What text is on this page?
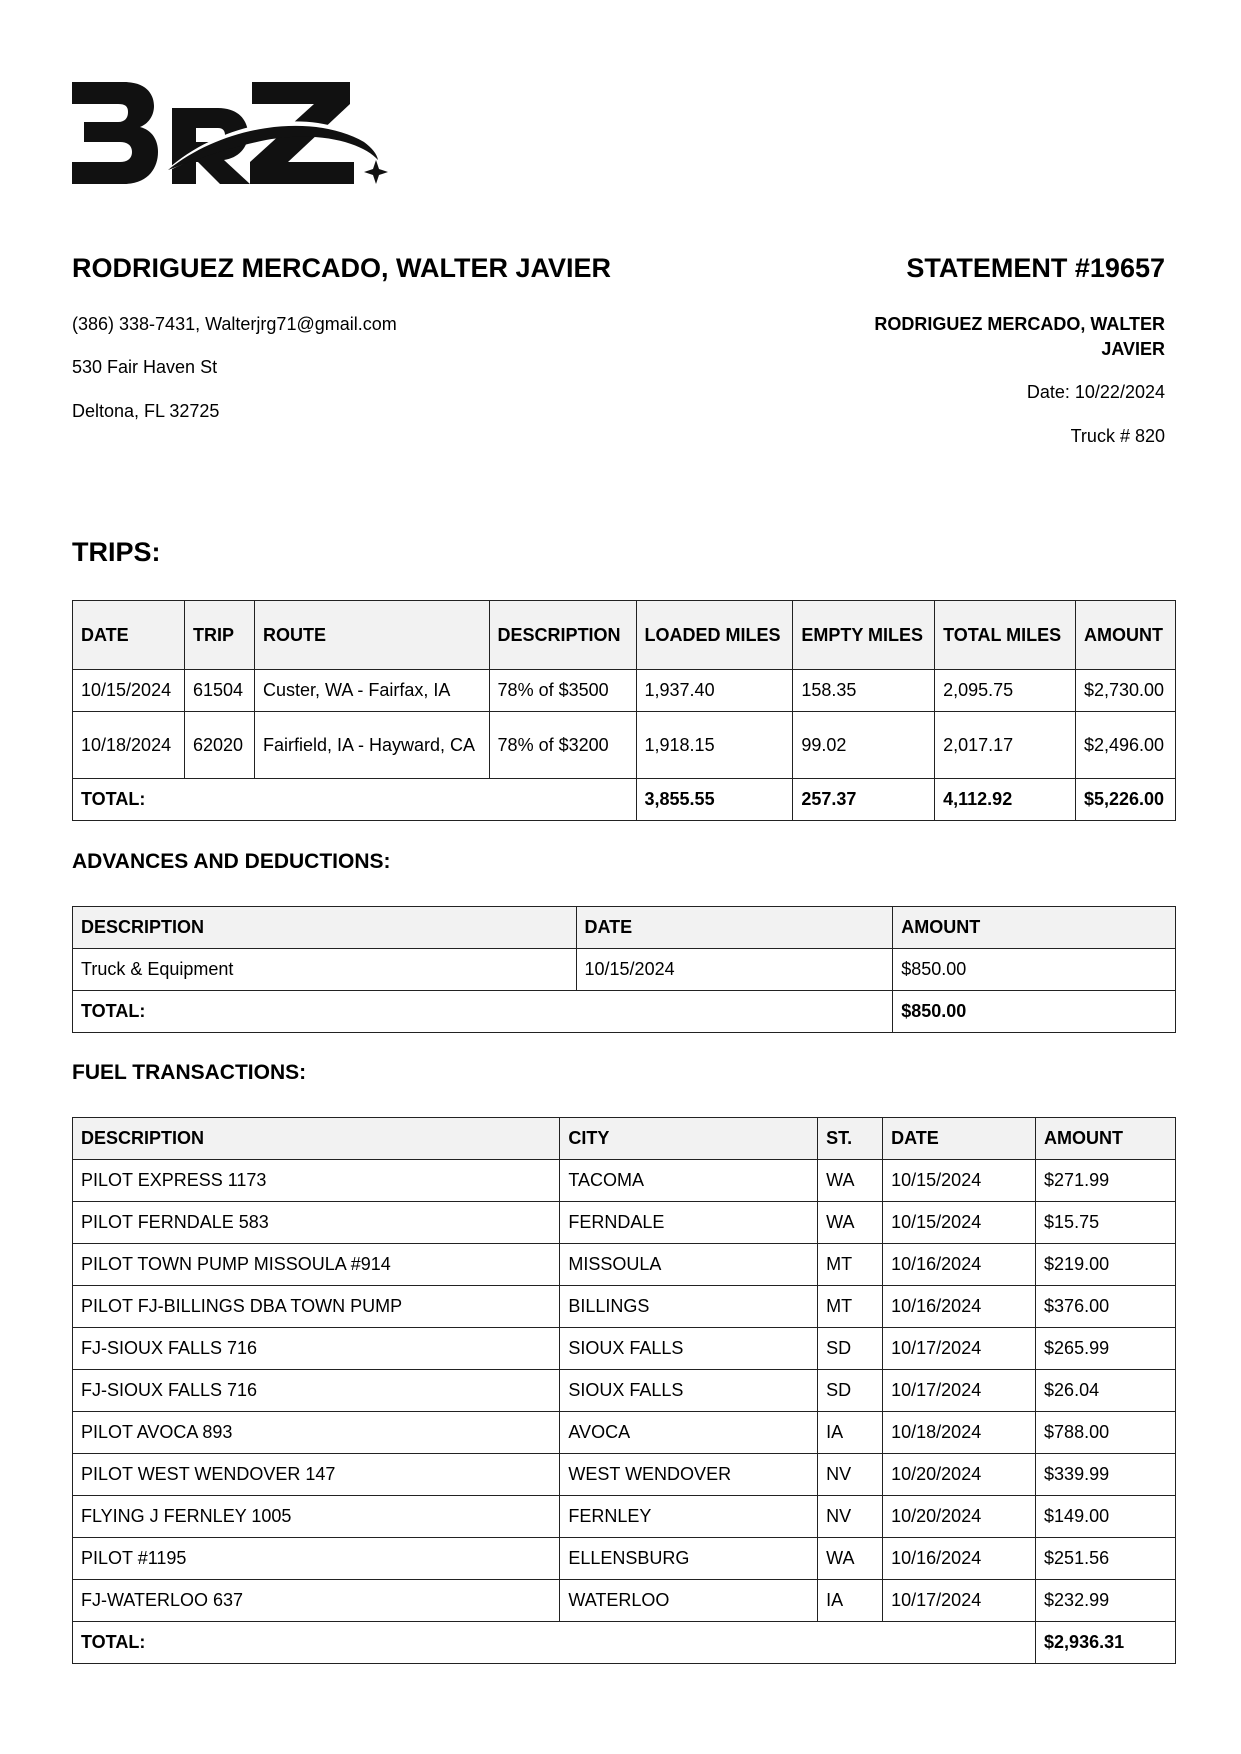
RODRIGUEZ MERCADO, WALTER JAVIER
(386) 338-7431, Walterjrg71@gmail.com
530 Fair Haven St
Deltona, FL 32725
STATEMENT #19657
RODRIGUEZ MERCADO, WALTER JAVIER
Date: 10/22/2024
Truck # 820
TRIPS:
DATE	TRIP	ROUTE	DESCRIPTION	LOADED MILES	EMPTY MILES	TOTAL MILES	AMOUNT
10/15/2024	61504	Custer, WA - Fairfax, IA	78% of $3500	1,937.40	158.35	2,095.75	$2,730.00
10/18/2024	62020	Fairfield, IA - Hayward, CA	78% of $3200	1,918.15	99.02	2,017.17	$2,496.00
TOTAL:				3,855.55	257.37	4,112.92	$5,226.00
ADVANCES AND DEDUCTIONS:
DESCRIPTION	DATE	AMOUNT
Truck & Equipment	10/15/2024	$850.00
TOTAL:		$850.00
FUEL TRANSACTIONS:
DESCRIPTION	CITY	ST.	DATE	AMOUNT
PILOT EXPRESS 1173	TACOMA	WA	10/15/2024	$271.99
PILOT FERNDALE 583	FERNDALE	WA	10/15/2024	$15.75
PILOT TOWN PUMP MISSOULA #914	MISSOULA	MT	10/16/2024	$219.00
PILOT FJ-BILLINGS DBA TOWN PUMP	BILLINGS	MT	10/16/2024	$376.00
FJ-SIOUX FALLS 716	SIOUX FALLS	SD	10/17/2024	$265.99
FJ-SIOUX FALLS 716	SIOUX FALLS	SD	10/17/2024	$26.04
PILOT AVOCA 893	AVOCA	IA	10/18/2024	$788.00
PILOT WEST WENDOVER 147	WEST WENDOVER	NV	10/20/2024	$339.99
FLYING J FERNLEY 1005	FERNLEY	NV	10/20/2024	$149.00
PILOT #1195	ELLENSBURG	WA	10/16/2024	$251.56
FJ-WATERLOO 637	WATERLOO	IA	10/17/2024	$232.99
TOTAL:				$2,936.31
